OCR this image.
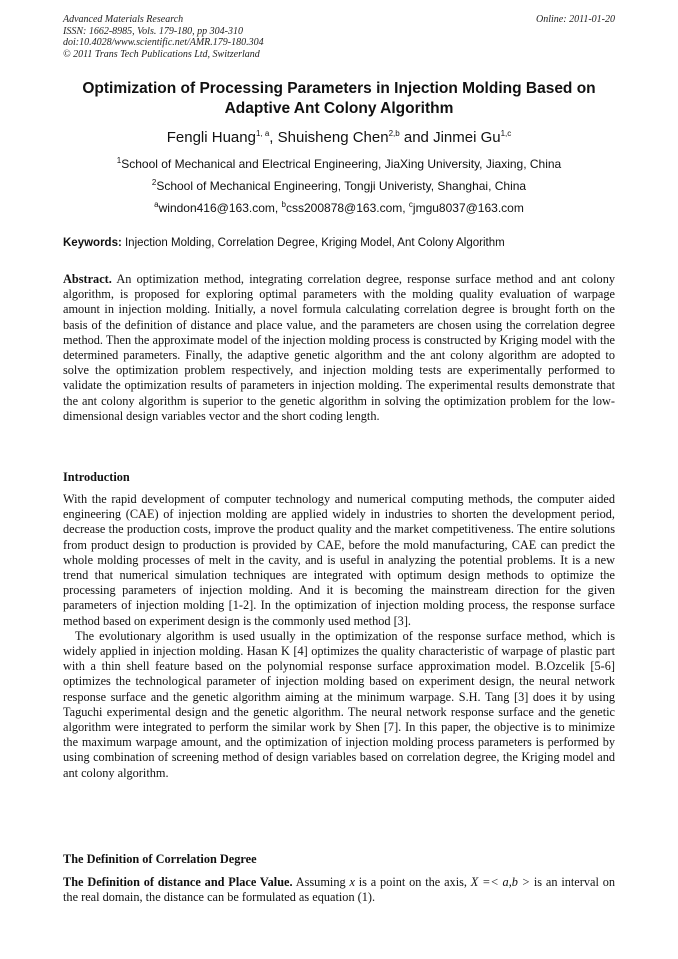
Advanced Materials Research
ISSN: 1662-8985, Vols. 179-180, pp 304-310
doi:10.4028/www.scientific.net/AMR.179-180.304
© 2011 Trans Tech Publications Ltd, Switzerland
Online: 2011-01-20
Optimization of Processing Parameters in Injection Molding Based on
Adaptive Ant Colony Algorithm
Fengli Huang$^{1, a}$, Shuisheng Chen$^{2,b}$ and Jinmei Gu$^{1,c}$
$^1$School of Mechanical and Electrical Engineering, JiaXing University, Jiaxing, China
$^2$School of Mechanical Engineering, Tongji Univeristy, Shanghai, China
$^a$windon416@163.com, $^b$css200878@163.com, $^c$jmgu8037@163.com
Keywords: Injection Molding, Correlation Degree, Kriging Model, Ant Colony Algorithm
Abstract. An optimization method, integrating correlation degree, response surface method and ant colony algorithm, is proposed for exploring optimal parameters with the molding quality evaluation of warpage amount in injection molding. Initially, a novel formula calculating correlation degree is brought forth on the basis of the definition of distance and place value, and the parameters are chosen using the correlation degree method. Then the approximate model of the injection molding process is constructed by Kriging model with the determined parameters. Finally, the adaptive genetic algorithm and the ant colony algorithm are adopted to solve the optimization problem respectively, and injection molding tests are experimentally performed to validate the optimization results of parameters in injection molding. The experimental results demonstrate that the ant colony algorithm is superior to the genetic algorithm in solving the optimization problem for the low-dimensional design variables vector and the short coding length.
Introduction

With the rapid development of computer technology and numerical computing methods, the computer aided engineering (CAE) of injection molding are applied widely in industries to shorten the development period, decrease the production costs, improve the product quality and the market competitiveness. The entire solutions from product design to production is provided by CAE, before the mold manufacturing, CAE can predict the whole molding processes of melt in the cavity, and is useful in analyzing the potential problems. It is a new trend that numerical simulation techniques are integrated with optimum design methods to optimize the processing parameters of injection molding. And it is becoming the mainstream direction for the given parameters of injection molding [1-2]. In the optimization of injection molding process, the response surface method based on experiment design is the commonly used method [3].

The evolutionary algorithm is used usually in the optimization of the response surface method, which is widely applied in injection molding. Hasan K [4] optimizes the quality characteristic of warpage of plastic part with a thin shell feature based on the polynomial response surface approximation model. B.Ozcelik [5-6] optimizes the technological parameter of injection molding based on experiment design, the neural network response surface and the genetic algorithm aiming at the minimum warpage. S.H. Tang [3] does it by using Taguchi experimental design and the genetic algorithm. The neural network response surface and the genetic algorithm were integrated to perform the similar work by Shen [7]. In this paper, the objective is to minimize the maximum warpage amount, and the optimization of injection molding process parameters is performed by using combination of screening method of design variables based on correlation degree, the Kriging model and ant colony algorithm.

The Definition of Correlation Degree
The Definition of distance and Place Value. Assuming x is a point on the axis, X =< a,b > is an interval on the real domain, the distance can be formulated as equation (1).
